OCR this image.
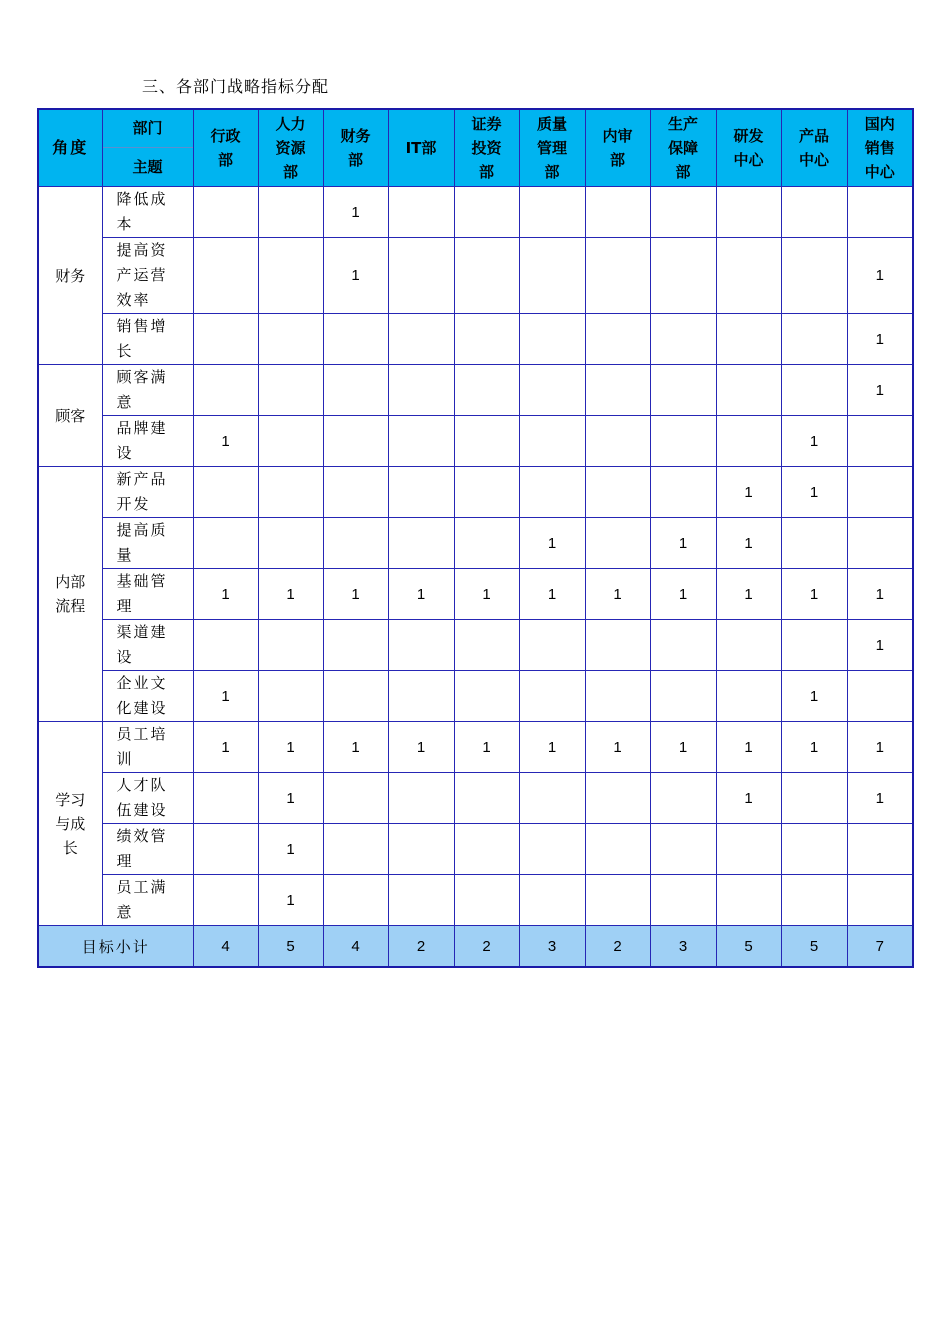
三、各部门战略指标分配
角度	部门
主题	行政部	人力资源部	财务部	IT部	证券投资部	质量管理部	内审部	生产保障部	研发中心	产品中心	国内销售中心

财务	降低成本			1								
	提高资产运营效率			1								1
	销售增长											1
顾客	顾客满意											1
	品牌建设	1									1	
内部流程	新产品开发									1	1	
	提高质量						1		1	1		
	基础管理	1	1	1	1	1	1	1	1	1	1	1
	渠道建设											1
	企业文化建设	1									1	
学习与成长	员工培训	1	1	1	1	1	1	1	1	1	1	1
	人才队伍建设		1							1		1
	绩效管理		1									
	员工满意		1									
目标小计		4	5	4	2	2	3	2	3	5	5	7
